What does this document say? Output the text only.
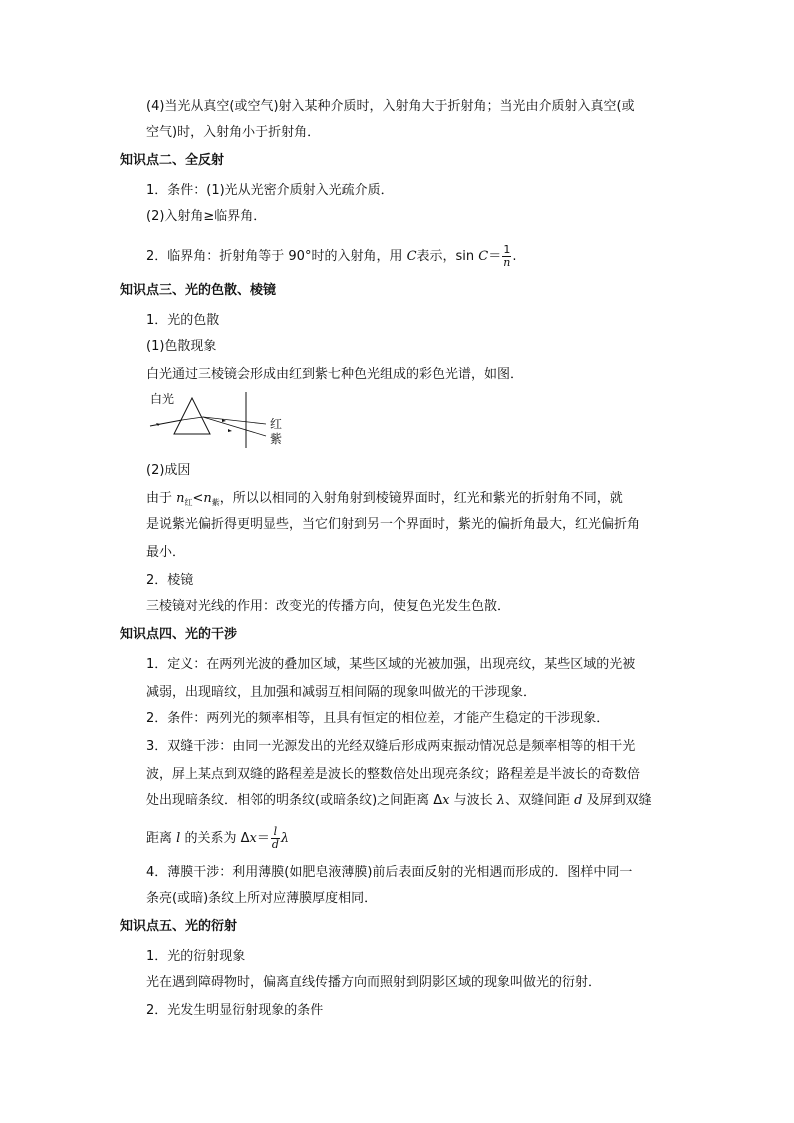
(4)当光从真空(或空气)射入某种介质时，入射角大于折射角；当光由介质射入真空(或
空气)时，入射角小于折射角．
知识点二、全反射
1．条件：(1)光从光密介质射入光疏介质．
(2)入射角≥临界角．
2．临界角：折射角等于 90°时的入射角，用 C表示，$\sin C= \frac{1}{n}$ .
知识点三、光的色散、棱镜
1．光的色散
(1)色散现象
白光通过三棱镜会形成由红到紫七种色光组成的彩色光谱，如图．
白光
红
紫
(2)成因
由于 $n_红<n_紫$，所以以相同的入射角射到棱镜界面时，红光和紫光的折射角不同，就
是说紫光偏折得更明显些，当它们射到另一个界面时，紫光的偏折角最大，红光偏折角
最小．
2．棱镜
三棱镜对光线的作用：改变光的传播方向，使复色光发生色散．
知识点四、光的干涉
1．定义：在两列光波的叠加区域，某些区域的光被加强，出现亮纹，某些区域的光被
减弱，出现暗纹，且加强和减弱互相间隔的现象叫做光的干涉现象．
2．条件：两列光的频率相等，且具有恒定的相位差，才能产生稳定的干涉现象．
3．双缝干涉：由同一光源发出的光经双缝后形成两束振动情况总是频率相等的相干光
波，屏上某点到双缝的路程差是波长的整数倍处出现亮条纹；路程差是半波长的奇数倍
处出现暗条纹．相邻的明条纹(或暗条纹)之间距离 Δx 与波长 λ、双缝间距 d 及屏到双缝
距离 l 的关系为 $\Delta x= \frac{l}{d}$ λ
4．薄膜干涉：利用薄膜(如肥皂液薄膜)前后表面反射的光相遇而形成的．图样中同一
条亮(或暗)条纹上所对应薄膜厚度相同．
知识点五、光的衍射
1．光的衍射现象
光在遇到障碍物时，偏离直线传播方向而照射到阴影区域的现象叫做光的衍射．
2．光发生明显衍射现象的条件
